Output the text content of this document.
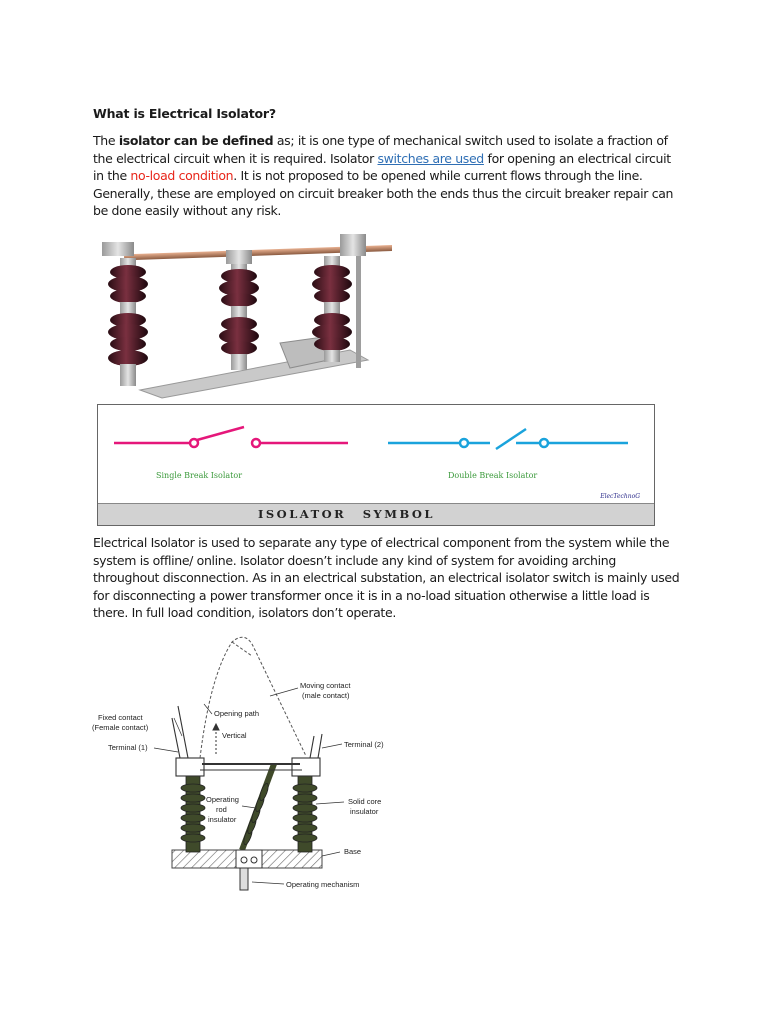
What is Electrical Isolator?

The isolator can be defined as; it is one type of mechanical switch used to isolate a fraction of the electrical circuit when it is required. Isolator switches are used for opening an electrical circuit in the no-load condition. It is not proposed to be opened while current flows through the line. Generally, these are employed on circuit breaker both the ends thus the circuit breaker repair can be done easily without any risk.

Single Break Isolator	Double Break Isolator
ElecTechnoG
ISOLATOR SYMBOL

Electrical Isolator is used to separate any type of electrical component from the system while the system is offline/ online. Isolator doesn’t include any kind of system for avoiding arching throughout disconnection. As in an electrical substation, an electrical isolator switch is mainly used for disconnecting a power transformer once it is in a no-load situation otherwise a little load is there. In full load condition, isolators don’t operate.

Moving contact
(male contact)
Opening path
Fixed contact
(Female contact)
Vertical
Terminal (1)	Terminal (2)
Operating
rod
insulator
Solid core
insulator
Base
Operating mechanism
